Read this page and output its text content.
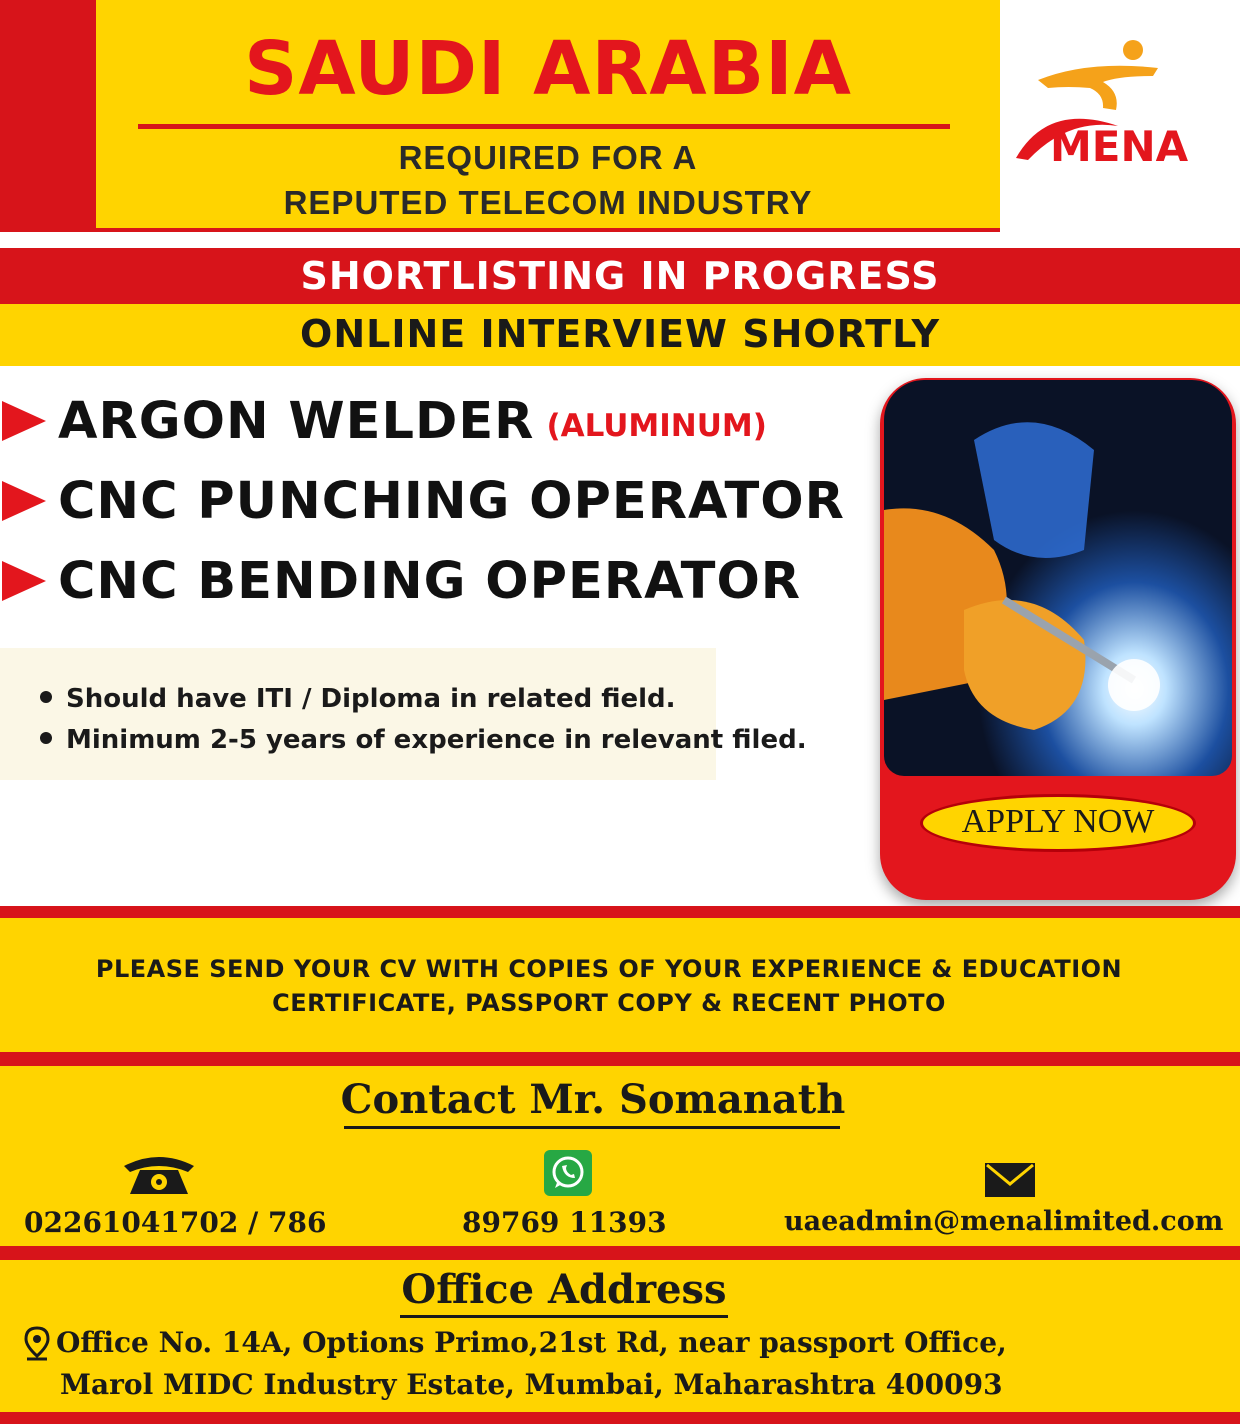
SAUDI ARABIA
REQUIRED FOR A
REPUTED TELECOM INDUSTRY
MENA
SHORTLISTING IN PROGRESS
ONLINE INTERVIEW SHORTLY
ARGON WELDER (ALUMINUM)
CNC PUNCHING OPERATOR
CNC BENDING OPERATOR
Should have ITI / Diploma in related field.
Minimum 2-5 years of experience in relevant filed.
APPLY NOW
PLEASE SEND YOUR CV WITH COPIES OF YOUR EXPERIENCE & EDUCATION
CERTIFICATE, PASSPORT COPY & RECENT PHOTO
Contact Mr. Somanath
02261041702 / 786	89769 11393	uaeadmin@menalimited.com
Office Address
Office No. 14A, Options Primo,21st Rd, near passport Office,
Marol MIDC Industry Estate, Mumbai, Maharashtra 400093
